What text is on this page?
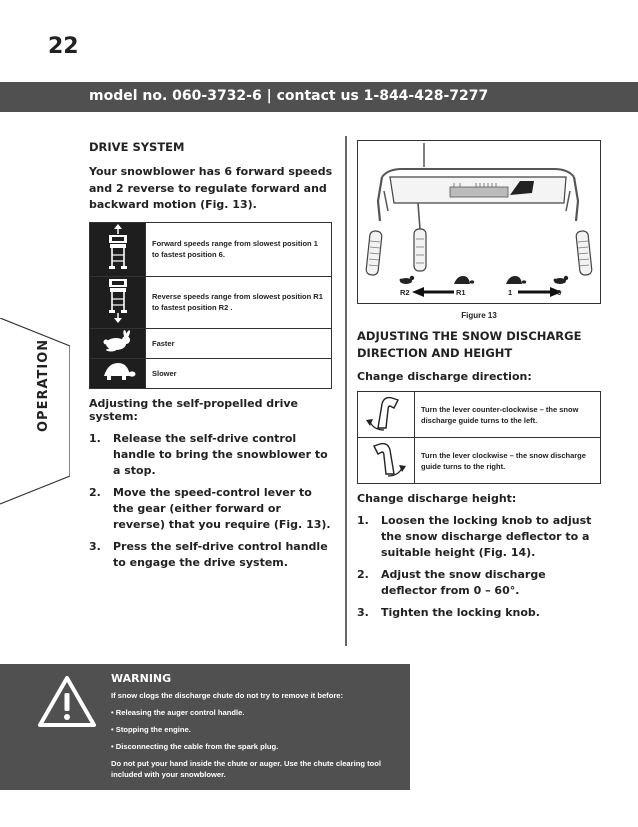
22
model no. 060-3732-6 | contact us 1-844-428-7277
OPERATION
DRIVE SYSTEM
Your snowblower has 6 forward speeds and 2 reverse to regulate forward and backward motion (Fig. 13).
	Forward speeds range from slowest position 1 to fastest position 6.
	Reverse speeds range from slowest position R1 to fastest position R2 .
	Faster
	Slower
Adjusting the self-propelled drive system:
1.	Release the self-drive control handle to bring the snowblower to a stop.
2.	Move the speed-control lever to the gear (either forward or reverse) that you require (Fig. 13).
3.	Press the self-drive control handle to engage the drive system.
R2	R1	1	6
Figure 13
ADJUSTING THE SNOW DISCHARGE DIRECTION AND HEIGHT
Change discharge direction:
	Turn the lever counter-clockwise – the snow discharge guide turns to the left.
	Turn the lever clockwise – the snow discharge guide turns to the right.
Change discharge height:
1.	Loosen the locking knob to adjust the snow discharge deflector to a suitable height (Fig. 14).
2.	Adjust the snow discharge deflector from 0 – 60°.
3.	Tighten the locking knob.
WARNING

If snow clogs the discharge chute do not try to remove it before:

• Releasing the auger control handle.

• Stopping the engine.

• Disconnecting the cable from the spark plug.

Do not put your hand inside the chute or auger. Use the chute clearing tool included with your snowblower.
